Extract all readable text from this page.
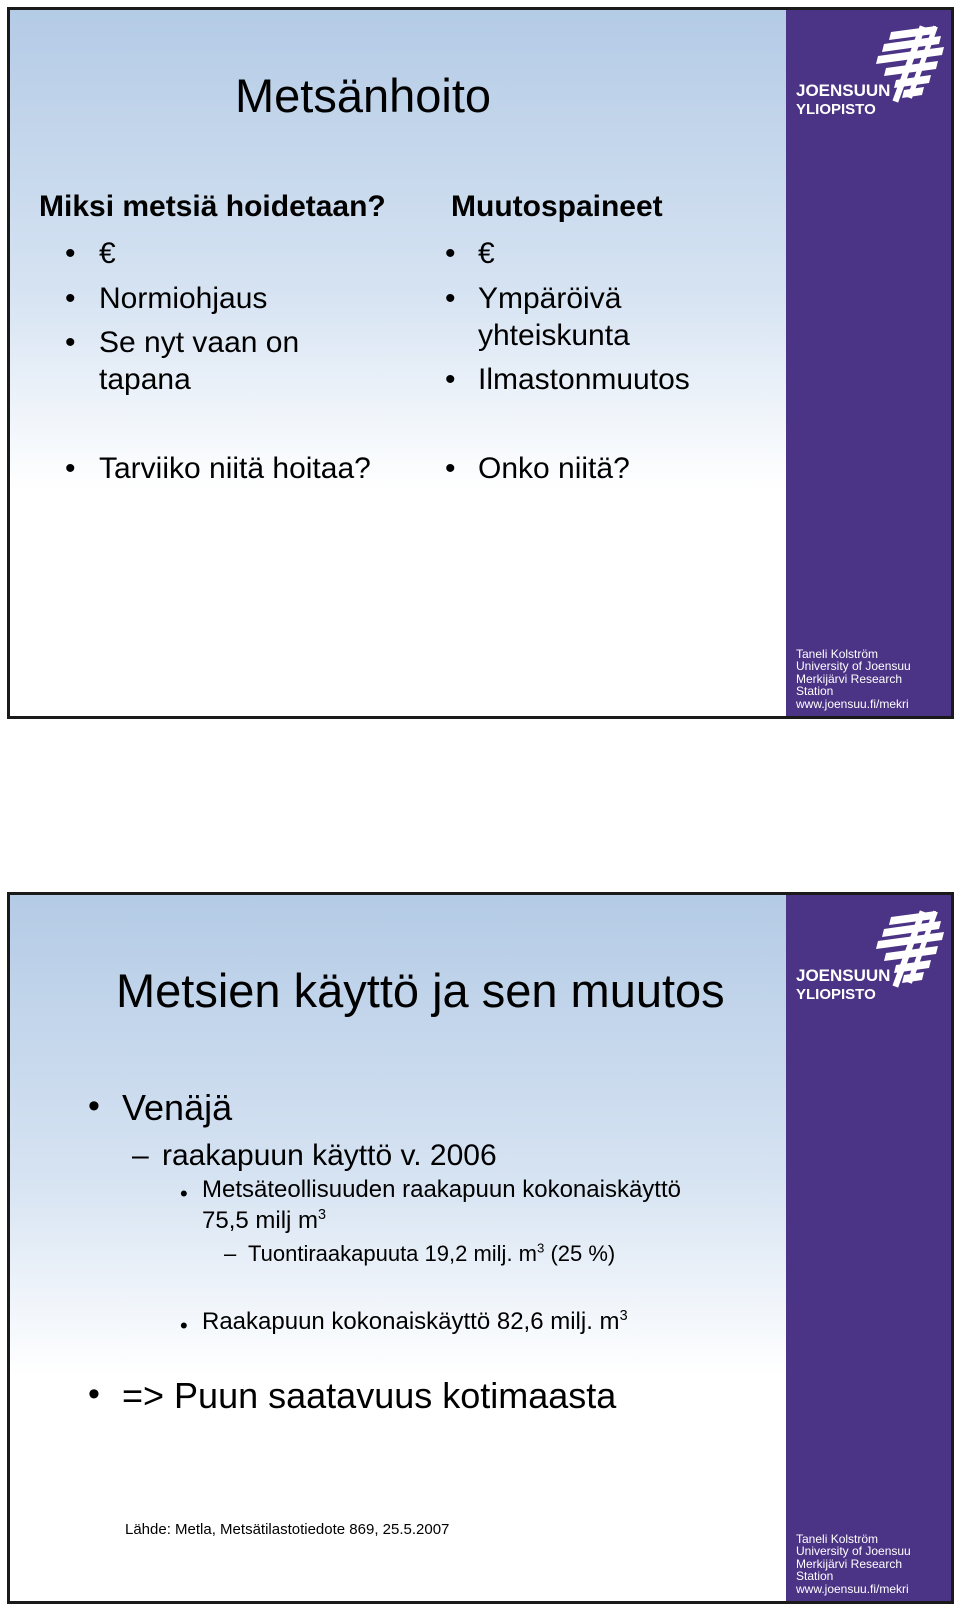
Metsänhoito
Miksi metsiä hoidetaan?
• €
• Normiohjaus
• Se nyt vaan on
tapana
• Tarviiko niitä hoitaa?
Muutospaineet
• €
• Ympäröivä
yhteiskunta
• Ilmastonmuutos
• Onko niitä?
JOENSUUN
YLIOPISTO
Taneli Kolström
University of Joensuu
Merkijärvi Research
Station
www.joensuu.fi/mekri
Metsien käyttö ja sen muutos
• Venäjä
– raakapuun käyttö v. 2006
• Metsäteollisuuden raakapuun kokonaiskäyttö
75,5 milj $m^3$
– Tuontiraakapuuta 19,2 milj. $m^3$ (25 %)
• Raakapuun kokonaiskäyttö 82,6 milj. $m^3$
• => Puun saatavuus kotimaasta
Lähde: Metla, Metsätilastotiedote 869, 25.5.2007
JOENSUUN
YLIOPISTO
Taneli Kolström
University of Joensuu
Merkijärvi Research
Station
www.joensuu.fi/mekri
